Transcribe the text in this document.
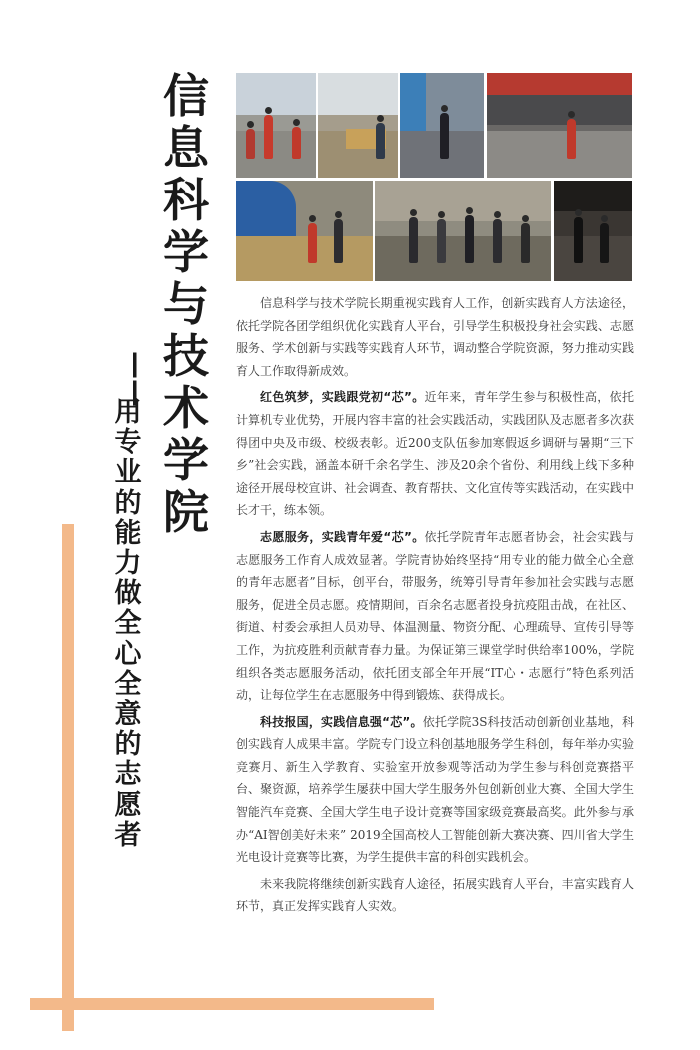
信息科学与技术学院
——
用专业的能力做全心全意的志愿者

信息科学与技术学院长期重视实践育人工作，创新实践育人方法途径，依托学院各团学组织优化实践育人平台，引导学生积极投身社会实践、志愿服务、学术创新与实践等实践育人环节，调动整合学院资源，努力推动实践育人工作取得新成效。

红色筑梦，实践跟党初“芯”。近年来，青年学生参与积极性高，依托计算机专业优势，开展内容丰富的社会实践活动，实践团队及志愿者多次获得团中央及市级、校级表彰。近200支队伍参加寒假返乡调研与暑期“三下乡”社会实践，涵盖本研千余名学生、涉及20余个省份、利用线上线下多种途径开展母校宣讲、社会调查、教育帮扶、文化宣传等实践活动，在实践中长才干，练本领。

志愿服务，实践青年爱“芯”。依托学院青年志愿者协会，社会实践与志愿服务工作育人成效显著。学院青协始终坚持“用专业的能力做全心全意的青年志愿者”目标，创平台，带服务，统筹引导青年参加社会实践与志愿服务，促进全员志愿。疫情期间，百余名志愿者投身抗疫阻击战，在社区、街道、村委会承担人员劝导、体温测量、物资分配、心理疏导、宣传引导等工作，为抗疫胜利贡献青春力量。为保证第三课堂学时供给率100%，学院组织各类志愿服务活动，依托团支部全年开展“IT心・志愿行”特色系列活动，让每位学生在志愿服务中得到锻炼、获得成长。

科技报国，实践信息强“芯”。依托学院3S科技活动创新创业基地，科创实践育人成果丰富。学院专门设立科创基地服务学生科创，每年举办实验竞赛月、新生入学教育、实验室开放参观等活动为学生参与科创竞赛搭平台、聚资源，培养学生屡获中国大学生服务外包创新创业大赛、全国大学生智能汽车竞赛、全国大学生电子设计竞赛等国家级竞赛最高奖。此外参与承办“AI智创美好未来” 2019全国高校人工智能创新大赛决赛、四川省大学生光电设计竞赛等比赛，为学生提供丰富的科创实践机会。

未来我院将继续创新实践育人途径，拓展实践育人平台，丰富实践育人环节，真正发挥实践育人实效。
